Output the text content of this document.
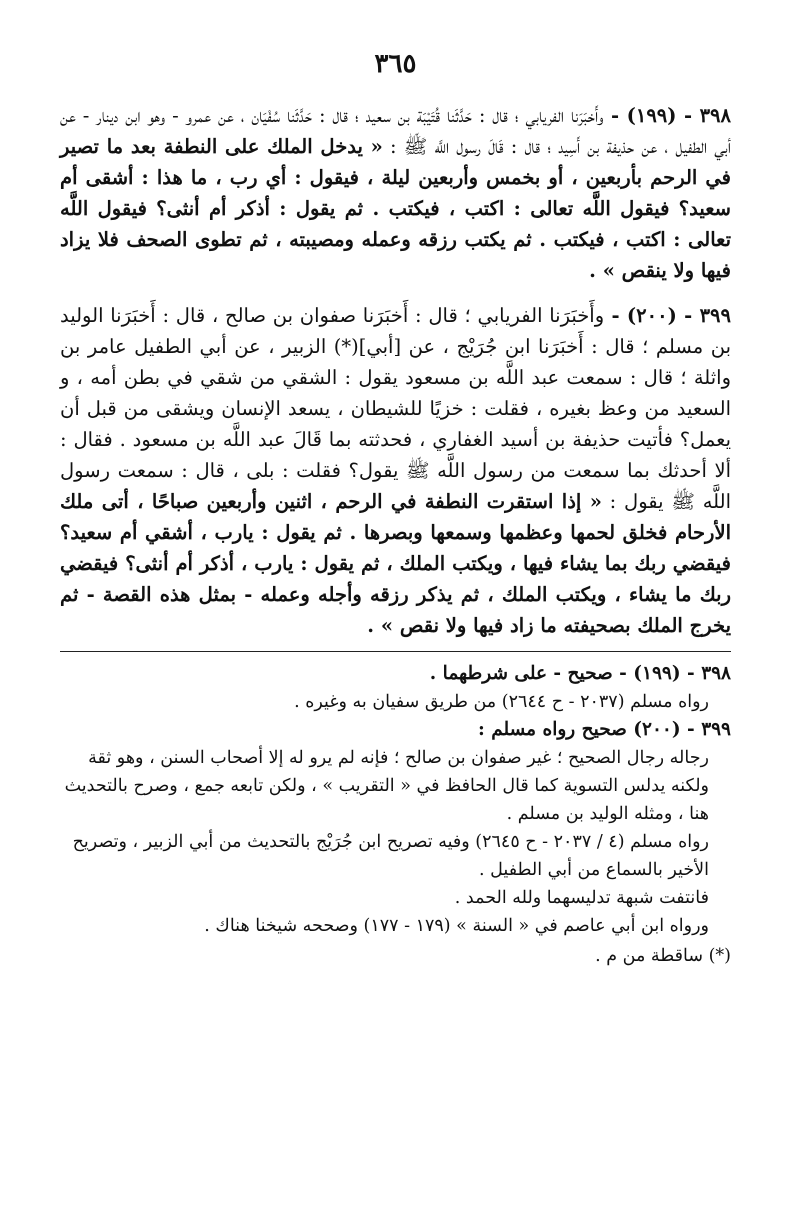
٣٦٥

٣٩٨ - (١٩٩) - وأَخبَرَنا الفريابي ؛ قال : حَدَّثَنا قُتَيْبَة بن سعيد ؛ قال : حَدَّثَنا سُفْيَان ، عن عمرو - وهو ابن دينار - عن أبي الطفيل ، عن حذيفة بن أَسِيد ؛ قال : قَالَ رسول اللَّه ﷺ : « يدخل الملك على النطفة بعد ما تصير في الرحم بأربعين ، أو بخمس وأربعين ليلة ، فيقول : أي رب ، ما هذا : أشقى أم سعيد؟ فيقول اللَّه تعالى : اكتب ، فيكتب . ثم يقول : أذكر أم أنثى؟ فيقول اللَّه تعالى : اكتب ، فيكتب . ثم يكتب رزقه وعمله ومصيبته ، ثم تطوى الصحف فلا يزاد فيها ولا ينقص » .

٣٩٩ - (٢٠٠) - وأَخبَرَنا الفريابي ؛ قال : أَخبَرَنا صفوان بن صالح ، قال : أَخبَرَنا الوليد بن مسلم ؛ قال : أَخبَرَنا ابن جُرَيْج ، عن [أبي](*) الزبير ، عن أبي الطفيل عامر بن واثلة ؛ قال : سمعت عبد اللَّه بن مسعود يقول : الشقي من شقي في بطن أمه ، و السعيد من وعظ بغيره ، فقلت : خزيًا للشيطان ، يسعد الإنسان ويشقى من قبل أن يعمل؟ فأتيت حذيفة بن أسيد الغفاري ، فحدثته بما قَالَ عبد اللَّه بن مسعود . فقال : ألا أحدثك بما سمعت من رسول اللَّه ﷺ يقول؟ فقلت : بلى ، قال : سمعت رسول اللَّه ﷺ يقول : « إذا استقرت النطفة في الرحم ، اثنين وأربعين صباحًا ، أتى ملك الأرحام فخلق لحمها وعظمها وسمعها وبصرها . ثم يقول : يارب ، أشقي أم سعيد؟ فيقضي ربك بما يشاء فيها ، ويكتب الملك ، ثم يقول : يارب ، أذكر أم أنثى؟ فيقضي ربك ما يشاء ، ويكتب الملك ، ثم يذكر رزقه وأجله وعمله - بمثل هذه القصة - ثم يخرج الملك بصحيفته ما زاد فيها ولا نقص » .

٣٩٨ - (١٩٩) - صحيح - على شرطهما .

رواه مسلم (٢٠٣٧ - ح ٢٦٤٤) من طريق سفيان به وغيره .

٣٩٩ - (٢٠٠) صحيح رواه مسلم :

رجاله رجال الصحيح ؛ غير صفوان بن صالح ؛ فإنه لم يرو له إلا أصحاب السنن ، وهو ثقة ولكنه يدلس التسوية كما قال الحافظ في « التقريب » ، ولكن تابعه جمع ، وصرح بالتحديث هنا ، ومثله الوليد بن مسلم .

رواه مسلم (٤ / ٢٠٣٧ - ح ٢٦٤٥) وفيه تصريح ابن جُرَيْج بالتحديث من أبي الزبير ، وتصريح الأخير بالسماع من أبي الطفيل .

فانتفت شبهة تدليسهما ولله الحمد .

ورواه ابن أبي عاصم في « السنة » (١٧٩ - ١٧٧) وصححه شيخنا هناك .

(*) ساقطة من م .
